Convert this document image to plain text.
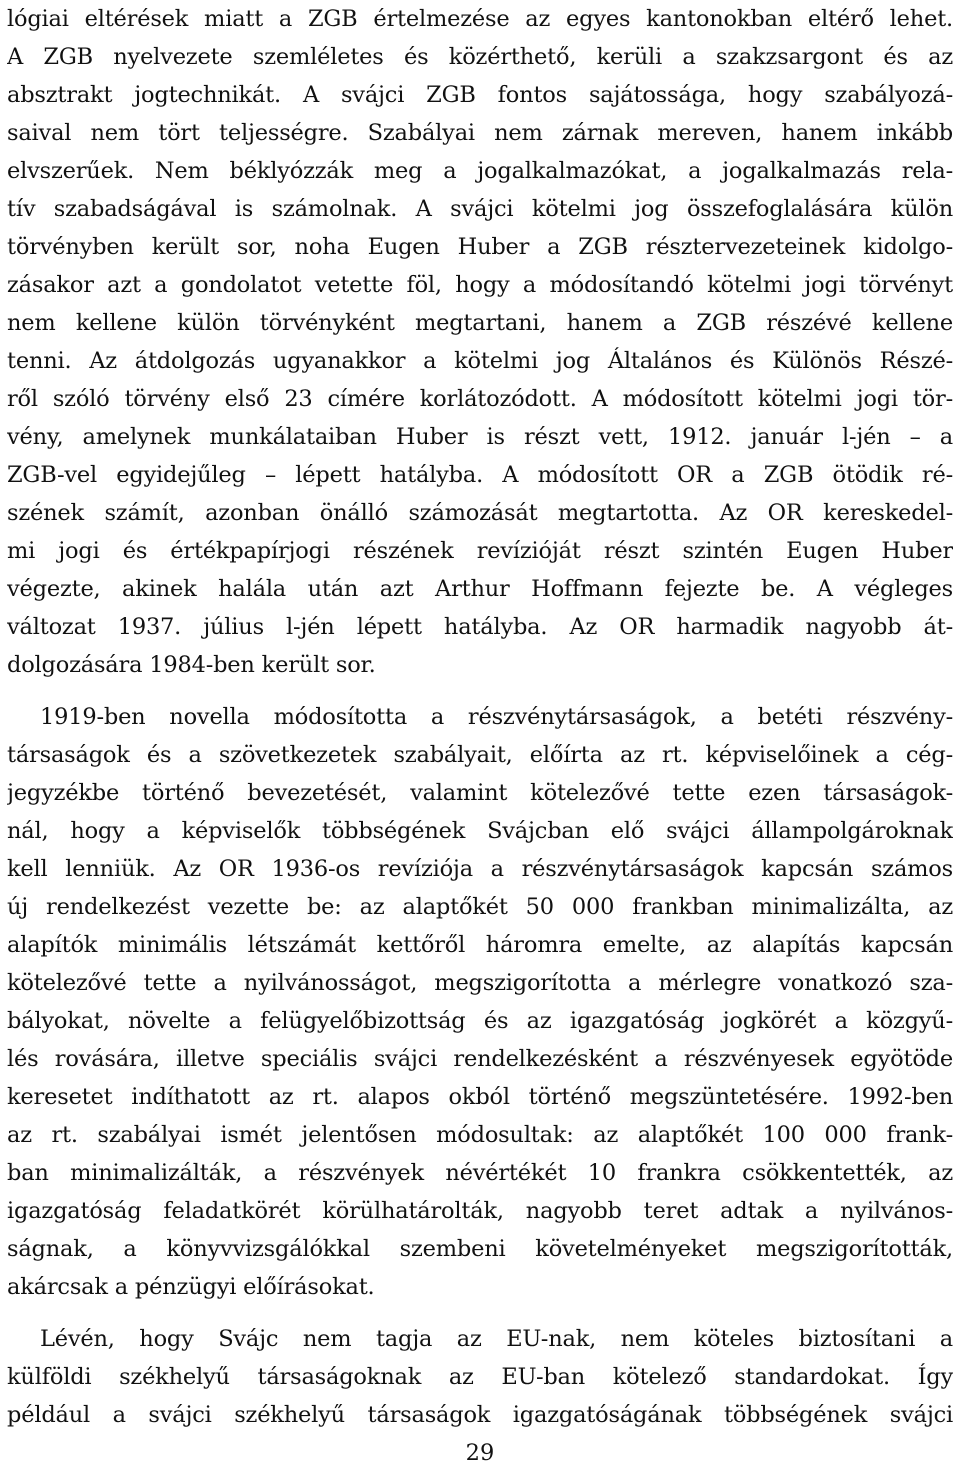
lógiai eltérések miatt a ZGB értelmezése az egyes kantonokban eltérő lehet.
A ZGB nyelvezete szemléletes és közérthető, kerüli a szakzsargont és az
absztrakt jogtechnikát. A svájci ZGB fontos sajátossága, hogy szabályozá-
saival nem tört teljességre. Szabályai nem zárnak mereven, hanem inkább
elvszerűek. Nem béklyózzák meg a jogalkalmazókat, a jogalkalmazás rela-
tív szabadságával is számolnak. A svájci kötelmi jog összefoglalására külön
törvényben került sor, noha Eugen Huber a ZGB résztervezeteinek kidolgo-
zásakor azt a gondolatot vetette föl, hogy a módosítandó kötelmi jogi törvényt
nem kellene külön törvényként megtartani, hanem a ZGB részévé kellene
tenni. Az átdolgozás ugyanakkor a kötelmi jog Általános és Különös Részé-
ről szóló törvény első 23 címére korlátozódott. A módosított kötelmi jogi tör-
vény, amelynek munkálataiban Huber is részt vett, 1912. január l-jén – a
ZGB-vel egyidejűleg – lépett hatályba. A módosított OR a ZGB ötödik ré-
szének számít, azonban önálló számozását megtartotta. Az OR kereskedel-
mi jogi és értékpapírjogi részének revízióját részt szintén Eugen Huber
végezte, akinek halála után azt Arthur Hoffmann fejezte be. A végleges
változat 1937. július l-jén lépett hatályba. Az OR harmadik nagyobb át-
dolgozására 1984-ben került sor.
1919-ben novella módosította a részvénytársaságok, a betéti részvény-
társaságok és a szövetkezetek szabályait, előírta az rt. képviselőinek a cég-
jegyzékbe történő bevezetését, valamint kötelezővé tette ezen társaságok-
nál, hogy a képviselők többségének Svájcban elő svájci állampolgároknak
kell lenniük. Az OR 1936-os revíziója a részvénytársaságok kapcsán számos
új rendelkezést vezette be: az alaptőkét 50 000 frankban minimalizálta, az
alapítók minimális létszámát kettőről háromra emelte, az alapítás kapcsán
kötelezővé tette a nyilvánosságot, megszigorította a mérlegre vonatkozó sza-
bályokat, növelte a felügyelőbizottság és az igazgatóság jogkörét a közgyű-
lés rovására, illetve speciális svájci rendelkezésként a részvényesek egyötöde
keresetet indíthatott az rt. alapos okból történő megszüntetésére. 1992-ben
az rt. szabályai ismét jelentősen módosultak: az alaptőkét 100 000 frank-
ban minimalizálták, a részvények névértékét 10 frankra csökkentették, az
igazgatóság feladatkörét körülhatárolták, nagyobb teret adtak a nyilvános-
ságnak, a könyvvizsgálókkal szembeni követelményeket megszigorították,
akárcsak a pénzügyi előírásokat.
Lévén, hogy Svájc nem tagja az EU-nak, nem köteles biztosítani a
külföldi székhelyű társaságoknak az EU-ban kötelező standardokat. Így
például a svájci székhelyű társaságok igazgatóságának többségének svájci
29
